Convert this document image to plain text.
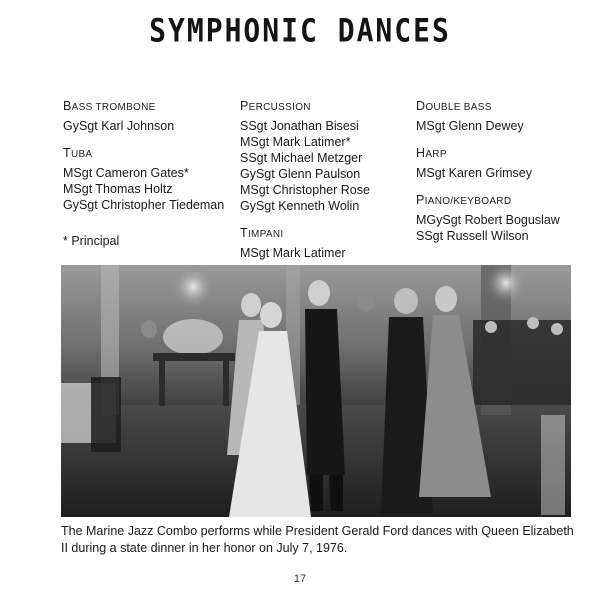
SYMPHONIC DANCES
BASS TROMBONE
GySgt Karl Johnson
TUBA
MSgt Cameron Gates*
MSgt Thomas Holtz
GySgt Christopher Tiedeman
* Principal
PERCUSSION
SSgt Jonathan Bisesi
MSgt Mark Latimer*
SSgt Michael Metzger
GySgt Glenn Paulson
MSgt Christopher Rose
GySgt Kenneth Wolin
TIMPANI
MSgt Mark Latimer
DOUBLE BASS
MSgt Glenn Dewey
HARP
MSgt Karen Grimsey
PIANO/KEYBOARD
MGySgt Robert Boguslaw
SSgt Russell Wilson
The Marine Jazz Combo performs while President Gerald Ford dances with Queen Elizabeth II during a state dinner in her honor on July 7, 1976.
17
